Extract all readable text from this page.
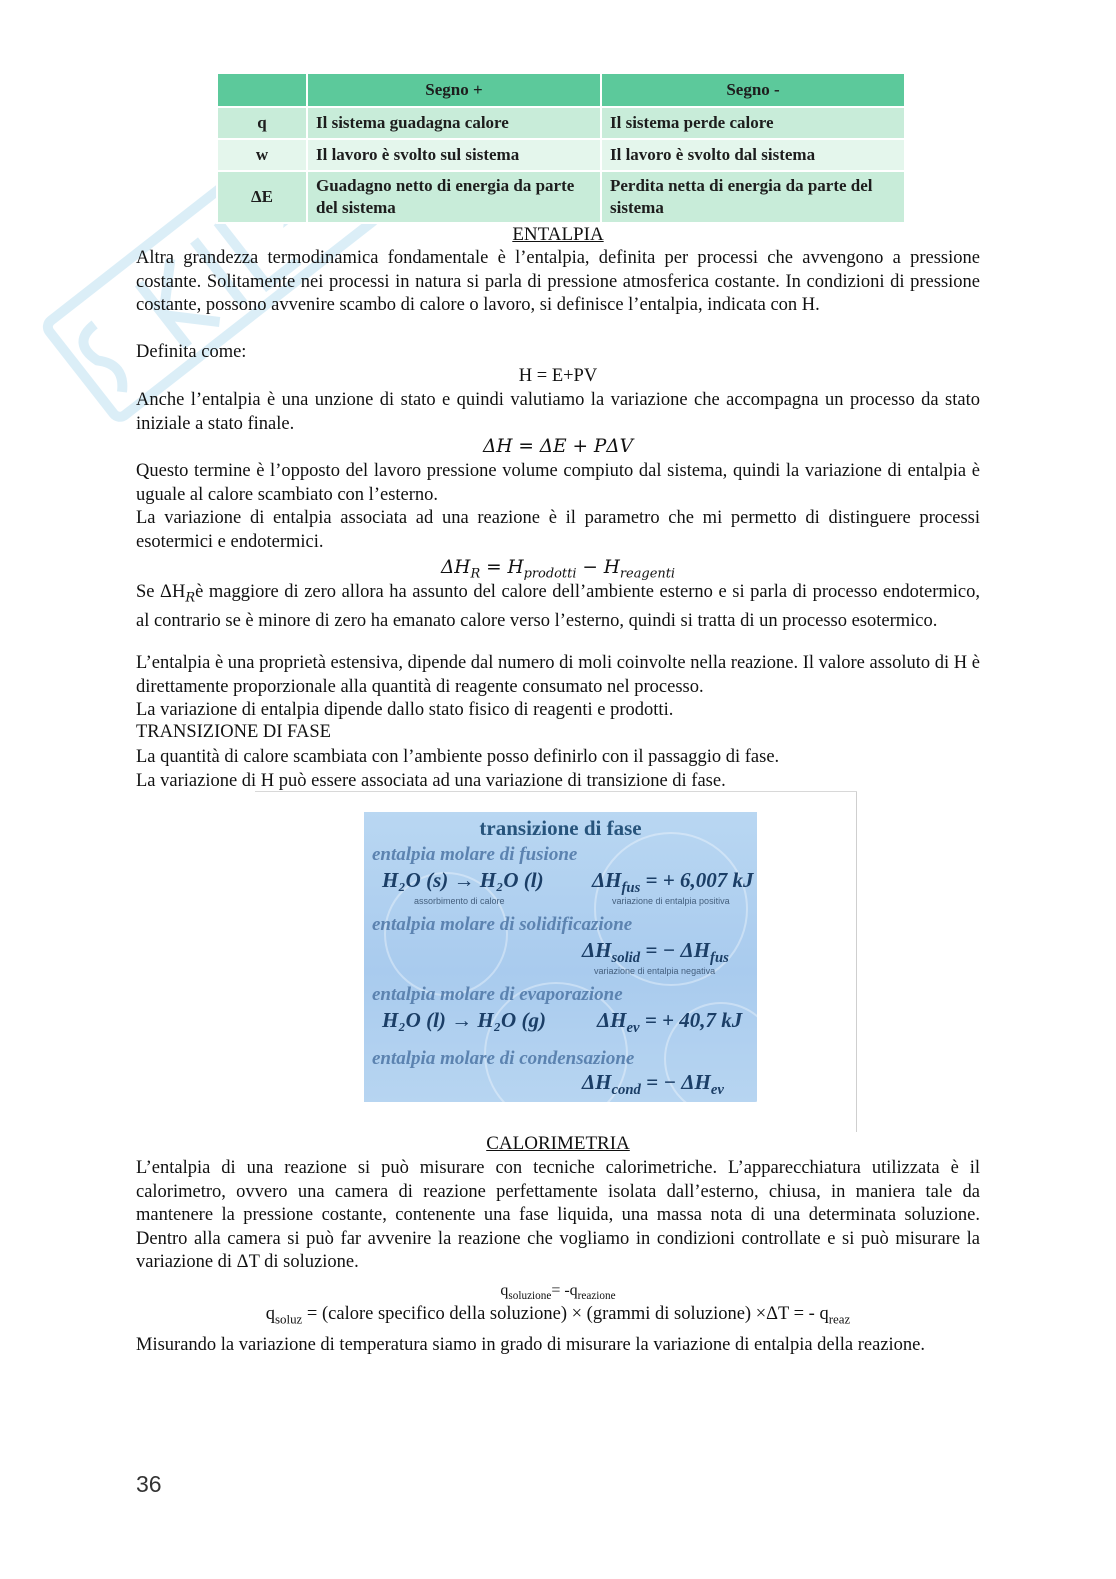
	Segno +	Segno -
q	Il sistema guadagna calore	Il sistema perde calore
w	Il lavoro è svolto sul sistema	Il lavoro è svolto dal sistema
ΔE	Guadagno netto di energia da parte del sistema	Perdita netta di energia da parte del sistema
ENTALPIA
Altra grandezza termodinamica fondamentale è l’entalpia, definita per processi che avvengono a pressione costante. Solitamente nei processi in natura si parla di pressione atmosferica costante. In condizioni di pressione costante, possono avvenire scambo di calore o lavoro, si definisce l’entalpia, indicata con H.
Definita come:
H = E+PV
Anche l’entalpia è una unzione di stato e quindi valutiamo la variazione che accompagna un processo da stato iniziale a stato finale.
ΔH = ΔE + PΔV
Questo termine è l’opposto del lavoro pressione volume compiuto dal sistema, quindi la variazione di entalpia è uguale al calore scambiato con l’esterno.
La variazione di entalpia associata ad una reazione è il parametro che mi permetto di distinguere processi esotermici e endotermici.
$\Delta H_R = H_{prodotti} - H_{reagenti}$
Se $\Delta H_Rè$ maggiore di zero allora ha assunto del calore dell’ambiente esterno e si parla di processo endotermico, al contrario se è minore di zero ha emanato calore verso l’esterno, quindi si tratta di un processo esotermico.
L’entalpia è una proprietà estensiva, dipende dal numero di moli coinvolte nella reazione. Il valore assoluto di H è direttamente proporzionale alla quantità di reagente consumato nel processo.
La variazione di entalpia dipende dallo stato fisico di reagenti e prodotti.
TRANSIZIONE DI FASE
La quantità di calore scambiata con l’ambiente posso definirlo con il passaggio di fase.
La variazione di H può essere associata ad una variazione di transizione di fase.
transizione di fase
entalpia molare di fusione
H₂O (s) → H₂O (l)
assorbimento di calore
$\Delta H_{fus}$ = + 6,007 kJ
variazione di entalpia positiva
entalpia molare di solidificazione
$\Delta H_{solid}$ = − $\Delta H_{fus}$
variazione di entalpia negativa
entalpia molare di evaporazione
H₂O (l) → H₂O (g) $\Delta H_{ev}$ = + 40,7 kJ
entalpia molare di condensazione
$\Delta H_{cond}$ = − $\Delta H_{ev}$
CALORIMETRIA
L’entalpia di una reazione si può misurare con tecniche calorimetriche. L’apparecchiatura utilizzata è il calorimetro, ovvero una camera di reazione perfettamente isolata dall’esterno, chiusa, in maniera tale da mantenere la pressione costante, contenente una fase liquida, una massa nota di una determinata soluzione. Dentro alla camera si può far avvenire la reazione che vogliamo in condizioni controllate e si può misurare la variazione di ΔT di soluzione.
$q_{soluzione}= -q_{reazione}$
$q_{soluz}$ = (calore specifico della soluzione) × (grammi di soluzione) ×ΔT = - $q_{reaz}$
Misurando la variazione di temperatura siamo in grado di misurare la variazione di entalpia della reazione.
36
